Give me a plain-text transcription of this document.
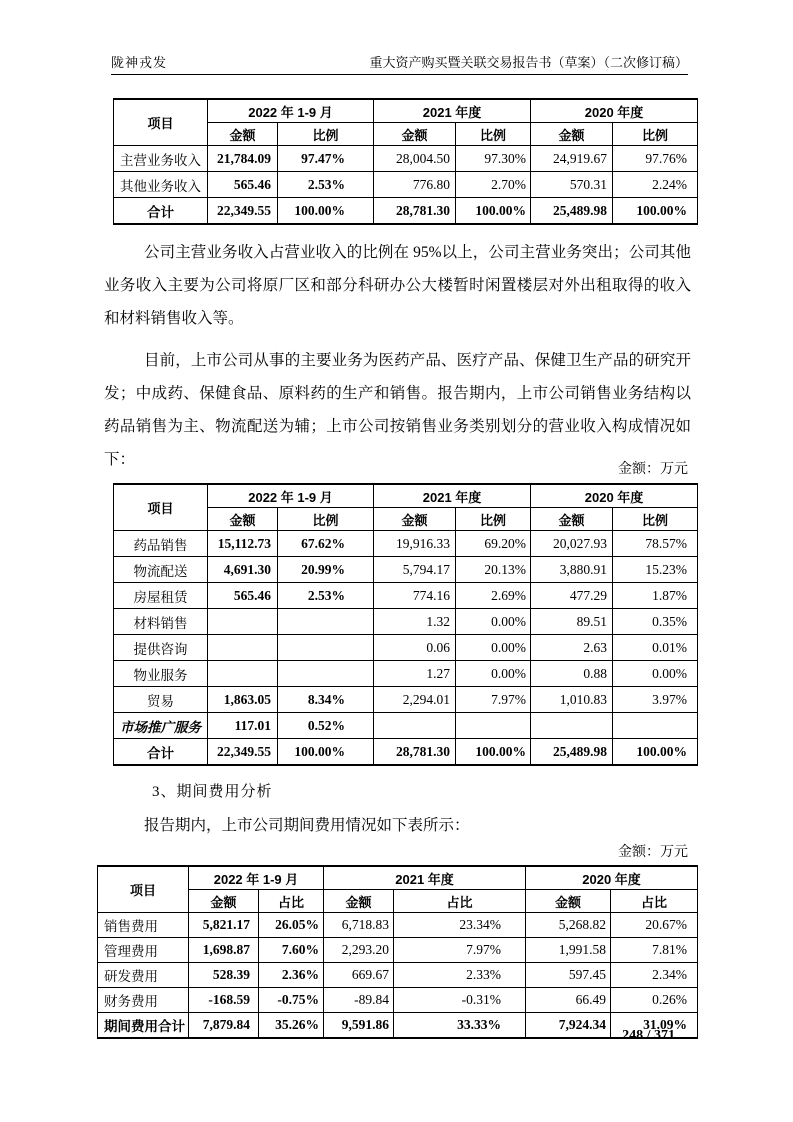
陇神戎发	重大资产购买暨关联交易报告书（草案）（二次修订稿）
项目	2022 年 1-9 月		2021 年度		2020 年度	
	金额	比例	金额	比例	金额	比例
主营业务收入	21,784.09	97.47%	28,004.50	97.30%	24,919.67	97.76%
其他业务收入	565.46	2.53%	776.80	2.70%	570.31	2.24%
合计	22,349.55	100.00%	28,781.30	100.00%	25,489.98	100.00%

公司主营业务收入占营业收入的比例在 95%以上，公司主营业务突出；公司其他业务收入主要为公司将原厂区和部分科研办公大楼暂时闲置楼层对外出租取得的收入和材料销售收入等。

目前，上市公司从事的主要业务为医药产品、医疗产品、保健卫生产品的研究开发；中成药、保健食品、原料药的生产和销售。报告期内，上市公司销售业务结构以药品销售为主、物流配送为辅；上市公司按销售业务类别划分的营业收入构成情况如下：

金额：万元
项目	2022 年 1-9 月		2021 年度		2020 年度	
	金额	比例	金额	比例	金额	比例
药品销售	15,112.73	67.62%	19,916.33	69.20%	20,027.93	78.57%
物流配送	4,691.30	20.99%	5,794.17	20.13%	3,880.91	15.23%
房屋租赁	565.46	2.53%	774.16	2.69%	477.29	1.87%
材料销售			1.32	0.00%	89.51	0.35%
提供咨询			0.06	0.00%	2.63	0.01%
物业服务			1.27	0.00%	0.88	0.00%
贸易	1,863.05	8.34%	2,294.01	7.97%	1,010.83	3.97%
市场推广服务	117.01	0.52%				
合计	22,349.55	100.00%	28,781.30	100.00%	25,489.98	100.00%
3、期间费用分析

报告期内，上市公司期间费用情况如下表所示：

金额：万元
项目	2022 年 1-9 月		2021 年度		2020 年度	
	金额	占比	金额	占比	金额	占比
销售费用	5,821.17	26.05%	6,718.83	23.34%	5,268.82	20.67%
管理费用	1,698.87	7.60%	2,293.20	7.97%	1,991.58	7.81%
研发费用	528.39	2.36%	669.67	2.33%	597.45	2.34%
财务费用	-168.59	-0.75%	-89.84	-0.31%	66.49	0.26%
期间费用合计	7,879.84	35.26%	9,591.86	33.33%	7,924.34	31.09%
248 / 371
